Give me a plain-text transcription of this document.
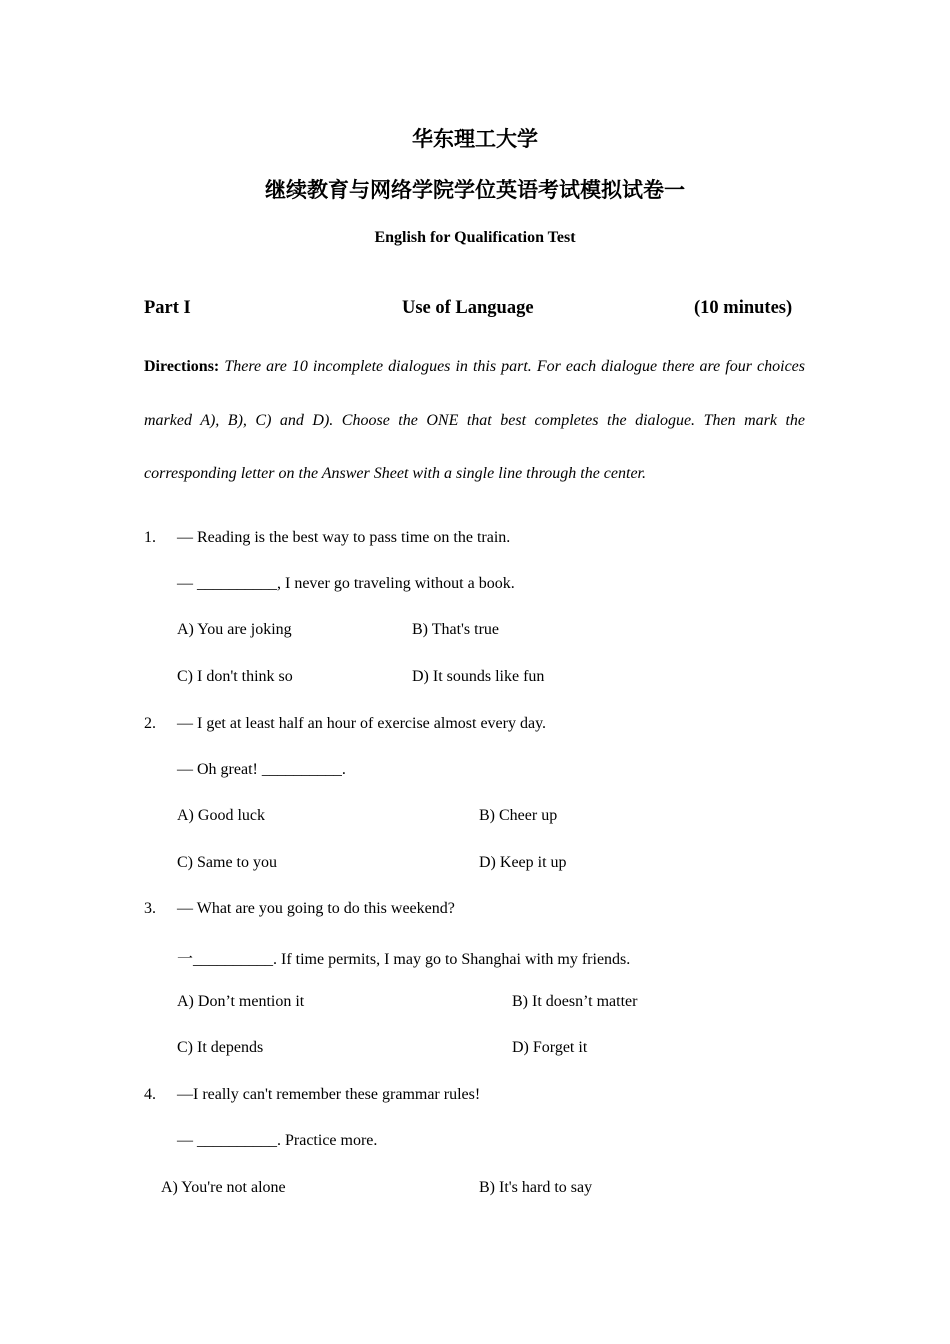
华东理工大学
继续教育与网络学院学位英语考试模拟试卷一
English for Qualification Test
Part I	Use of Language	(10 minutes)
Directions: There are 10 incomplete dialogues in this part. For each dialogue there are four choices marked A), B), C) and D). Choose the ONE that best completes the dialogue. Then mark the corresponding letter on the Answer Sheet with a single line through the center.
1. — Reading is the best way to pass time on the train.
— __________, I never go traveling without a book.
A) You are joking	B) That's true
C) I don't think so	D) It sounds like fun
2. — I get at least half an hour of exercise almost every day.
— Oh great! __________.
A) Good luck	B) Cheer up
C) Same to you	D) Keep it up
3. — What are you going to do this weekend?
一__________. If time permits, I may go to Shanghai with my friends.
A) Don’t mention it	B) It doesn’t matter
C) It depends	D) Forget it
4. —I really can't remember these grammar rules!
— __________. Practice more.
A) You're not alone	B) It's hard to say
